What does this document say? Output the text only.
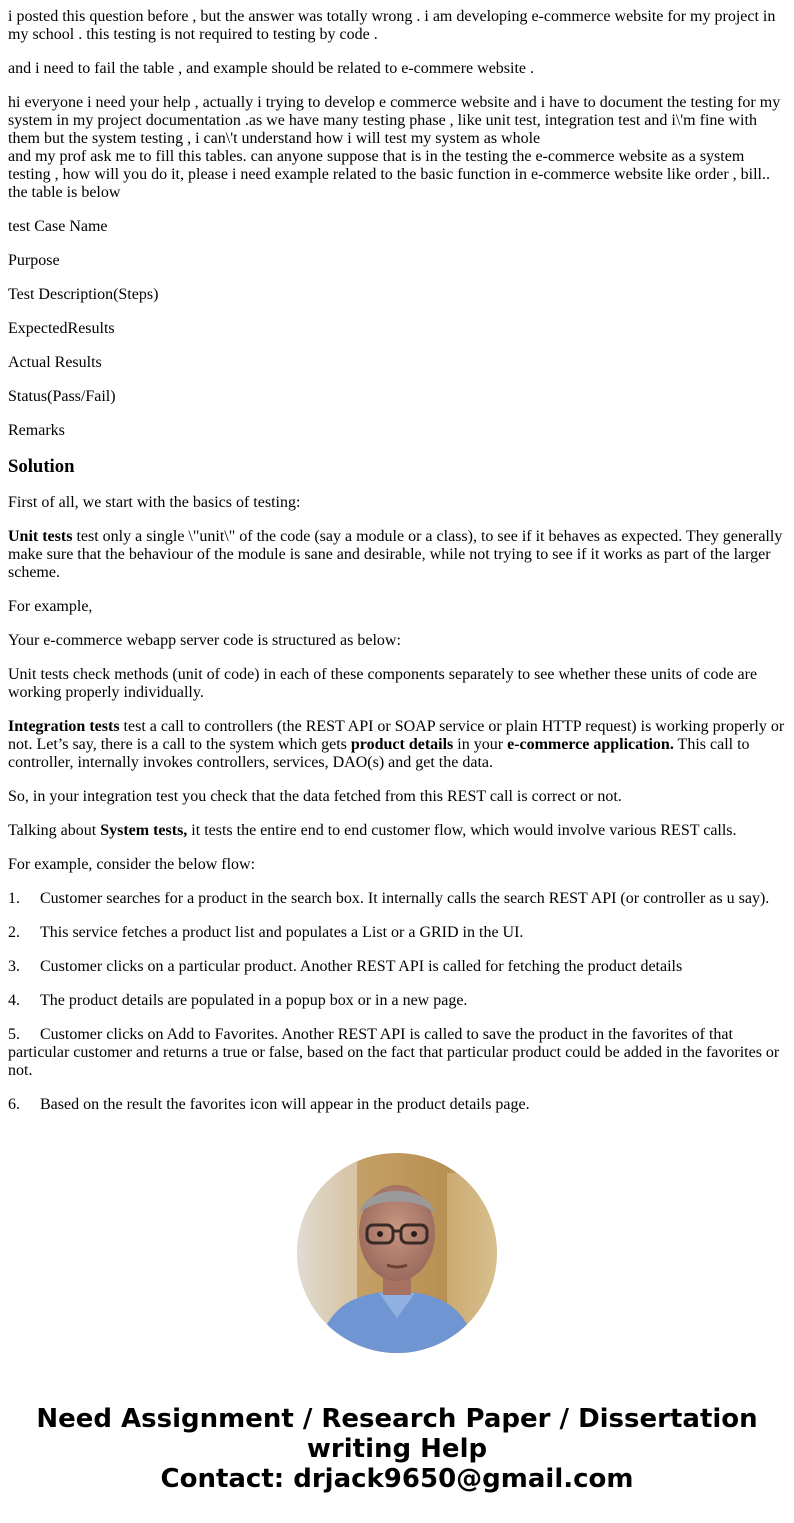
i posted this question before , but the answer was totally wrong . i am developing e-commerce website for my project in my school . this testing is not required to testing by code .

and i need to fail the table , and example should be related to e-commere website .

hi everyone i need your help , actually i trying to develop e commerce website and i have to document the testing for my system in my project documentation .as we have many testing phase , like unit test, integration test and i\'m fine with them but the system testing , i can\'t understand how i will test my system as whole
and my prof ask me to fill this tables. can anyone suppose that is in the testing the e-commerce website as a system testing , how will you do it, please i need example related to the basic function in e-commerce website like order , bill..
the table is below

test Case Name

Purpose

Test Description(Steps)

ExpectedResults

Actual Results

Status(Pass/Fail)

Remarks

Solution

First of all, we start with the basics of testing:

Unit tests test only a single \"unit\" of the code (say a module or a class), to see if it behaves as expected. They generally make sure that the behaviour of the module is sane and desirable, while not trying to see if it works as part of the larger scheme.

For example,

Your e-commerce webapp server code is structured as below:

Unit tests check methods (unit of code) in each of these components separately to see whether these units of code are working properly individually.

Integration tests test a call to controllers (the REST API or SOAP service or plain HTTP request) is working properly or not. Let’s say, there is a call to the system which gets product details in your e-commerce application. This call to controller, internally invokes controllers, services, DAO(s) and get the data.

So, in your integration test you check that the data fetched from this REST call is correct or not.

Talking about System tests, it tests the entire end to end customer flow, which would involve various REST calls.

For example, consider the below flow:

1. Customer searches for a product in the search box. It internally calls the search REST API (or controller as u say).

2. This service fetches a product list and populates a List or a GRID in the UI.

3. Customer clicks on a particular product. Another REST API is called for fetching the product details

4. The product details are populated in a popup box or in a new page.

5. Customer clicks on Add to Favorites. Another REST API is called to save the product in the favorites of that particular customer and returns a true or false, based on the fact that particular product could be added in the favorites or not.

6. Based on the result the favorites icon will appear in the product details page.

Need Assignment / Research Paper / Dissertation
writing Help
Contact: drjack9650@gmail.com
